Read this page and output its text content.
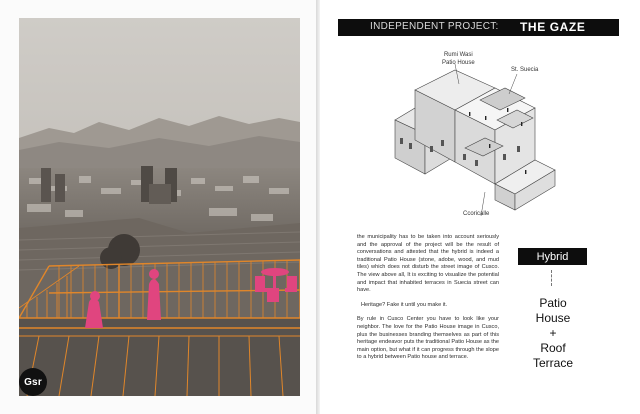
Gsr
INDEPENDENT PROJECT: THE GAZE
Rumi Wasi
Patio House
St. Suecia
Ccoricalle

the municipality has to be taken into account seriously and the approval of the project will be the result of conversations and attested that the hybrid is indeed a traditional Patio House (stone, adobe, wood, and mud tiles) which does not disturb the street image of Cusco. The view above all, It is exciting to visualize the potential and impact that inhabited terraces in Suecia street can have.

Heritage? Fake it until you make it.

By rule in Cusco Center you have to look like your neighbor. The love for the Patio House image in Cusco, plus the businesses branding themselves as part of this heritage endeavor puts the traditional Patio House as the main option, but what if it can progress through the slope to a hybrid between Patio house and terrace.

Hybrid
Patio
House
+
Roof
Terrace
